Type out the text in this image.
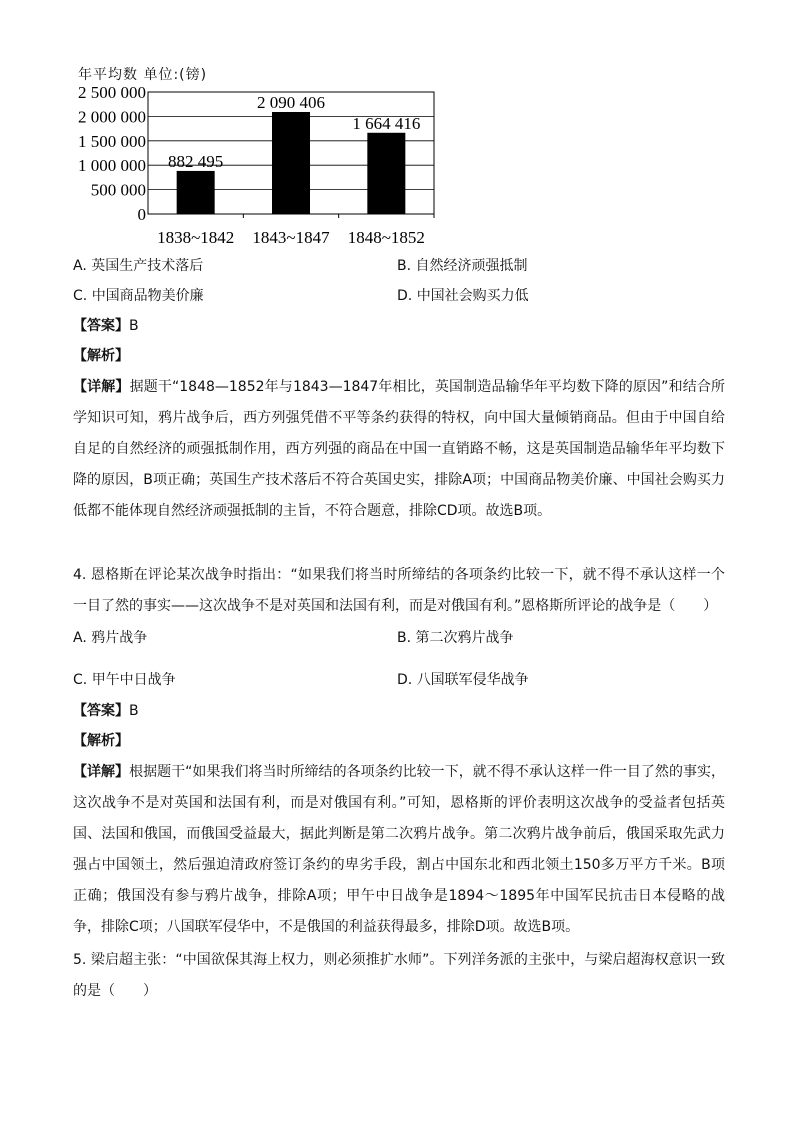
年平均数 单位:(镑)
0
500 000
1 000 000
1 500 000
2 000 000
2 500 000
882 495
1838~1842
2 090 406
1843~1847
1 664 416
1848~1852
A. 英国生产技术落后	B. 自然经济顽强抵制
C. 中国商品物美价廉	D. 中国社会购买力低
【答案】B
【解析】
【详解】据题干“1848—1852年与1843—1847年相比，英国制造品输华年平均数下降的原因”和结合所学知识可知，鸦片战争后，西方列强凭借不平等条约获得的特权，向中国大量倾销商品。但由于中国自给自足的自然经济的顽强抵制作用，西方列强的商品在中国一直销路不畅，这是英国制造品输华年平均数下降的原因，B项正确；英国生产技术落后不符合英国史实，排除A项；中国商品物美价廉、中国社会购买力低都不能体现自然经济顽强抵制的主旨，不符合题意，排除CD项。故选B项。
4. 恩格斯在评论某次战争时指出：“如果我们将当时所缔结的各项条约比较一下，就不得不承认这样一个一目了然的事实——这次战争不是对英国和法国有利，而是对俄国有利。”恩格斯所评论的战争是（　　）
A. 鸦片战争	B. 第二次鸦片战争
C. 甲午中日战争	D. 八国联军侵华战争
【答案】B
【解析】
【详解】根据题干“如果我们将当时所缔结的各项条约比较一下，就不得不承认这样一件一目了然的事实，这次战争不是对英国和法国有利，而是对俄国有利。”可知，恩格斯的评价表明这次战争的受益者包括英国、法国和俄国，而俄国受益最大，据此判断是第二次鸦片战争。第二次鸦片战争前后，俄国采取先武力强占中国领土，然后强迫清政府签订条约的卑劣手段，割占中国东北和西北领土150多万平方千米。B项正确；俄国没有参与鸦片战争，排除A项；甲午中日战争是1894～1895年中国军民抗击日本侵略的战争，排除C项；八国联军侵华中，不是俄国的利益获得最多，排除D项。故选B项。
5. 梁启超主张：“中国欲保其海上权力，则必须推扩水师”。下列洋务派的主张中，与梁启超海权意识一致的是（　　）
